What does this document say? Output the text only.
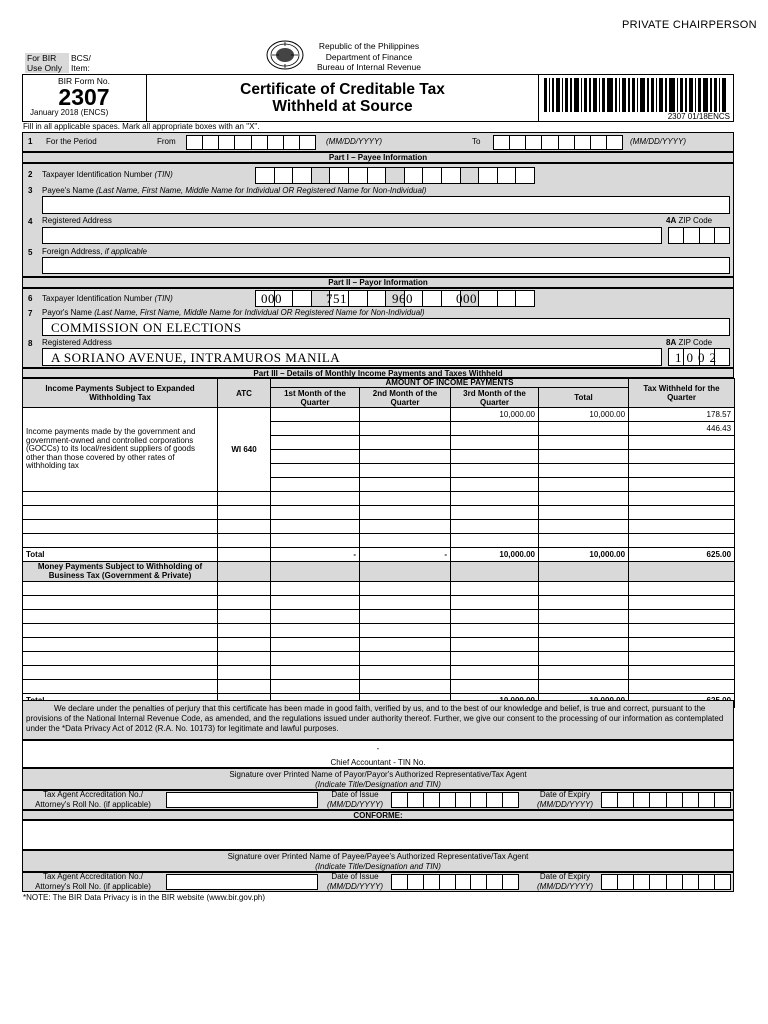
PRIVATE CHAIRPERSON
For BIR
Use Only
BCS/
Item:
Republic of the Philippines
Department of Finance
Bureau of Internal Revenue
BIR Form No.
2307
January 2018 (ENCS)
Certificate of Creditable Tax
Withheld at Source
2307 01/18ENCS
Fill in all applicable spaces. Mark all appropriate boxes with an "X".
1 For the Period	From	(MM/DD/YYYY)	To	(MM/DD/YYYY)
Part I – Payee Information
2 Taxpayer Identification Number (TIN)
3 Payee's Name (Last Name, First Name, Middle Name for Individual OR Registered Name for Non-Individual)
4 Registered Address	4A ZIP Code
5 Foreign Address, if applicable
Part II – Payor Information
6 Taxpayer Identification Number (TIN)	000	751	960	000
7 Payor's Name (Last Name, First Name, Middle Name for Individual OR Registered Name for Non-Individual)
COMMISSION ON ELECTIONS
8 Registered Address
A SORIANO AVENUE, INTRAMUROS MANILA
8A ZIP Code
1002
Part III – Details of Monthly Income Payments and Taxes Withheld
Income Payments Subject to Expanded Withholding Tax	ATC	AMOUNT OF INCOME PAYMENTS				Tax Withheld for the Quarter
		1st Month of the Quarter	2nd Month of the Quarter	3rd Month of the Quarter	Total	
Income payments made by the government and government-owned and controlled corporations (GOCCs) to its local/resident suppliers of goods other than those covered by other rates of withholding tax	WI 640			10,000.00	10,000.00	178.57
						446.43

Total		-	-	10,000.00	10,000.00	625.00
Money Payments Subject to Withholding of Business Tax (Government & Private)						

We declare under the penalties of perjury that this certificate has been made in good faith, verified by us, and to the best of our knowledge and belief, is true and correct, pursuant to the provisions of the National Internal Revenue Code, as amended, and the regulations issued under authority thereof. Further, we give our consent to the processing of our information as contemplated under the *Data Privacy Act of 2012 (R.A. No. 10173) for legitimate and lawful purposes.
-
Chief Accountant - TIN No.
Signature over Printed Name of Payor/Payor's Authorized Representative/Tax Agent
(Indicate Title/Designation and TIN)
Tax Agent Accreditation No./
Attorney's Roll No. (if applicable)
Date of Issue
(MM/DD/YYYY)
Date of Expiry
(MM/DD/YYYY)
CONFORME:
Signature over Printed Name of Payee/Payee's Authorized Representative/Tax Agent
(Indicate Title/Designation and TIN)
Tax Agent Accreditation No./
Attorney's Roll No. (if applicable)
Date of Issue
(MM/DD/YYYY)
Date of Expiry
(MM/DD/YYYY)
*NOTE: The BIR Data Privacy is in the BIR website (www.bir.gov.ph)
